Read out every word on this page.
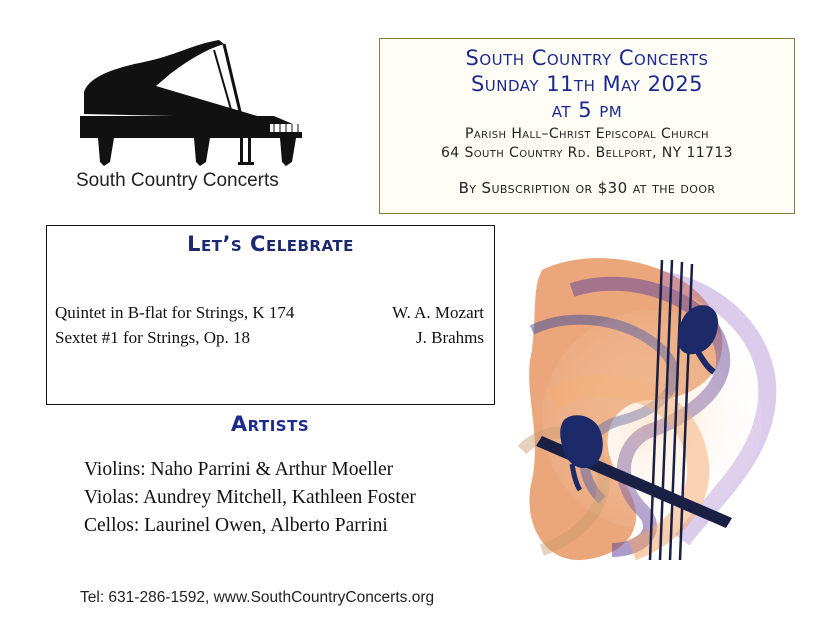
South Country Concerts
South Country Concerts
Sunday 11th May 2025
at 5 pm
Parish Hall–Christ Episcopal Church
64 South Country Rd. Bellport, NY 11713
By Subscription or $30 at the door
Let’s Celebrate
Quintet in B-flat for Strings, K 174	W. A. Mozart
Sextet #1 for Strings, Op. 18	J. Brahms
Artists
Violins: Naho Parrini & Arthur Moeller
Violas: Aundrey Mitchell, Kathleen Foster
Cellos: Laurinel Owen, Alberto Parrini
Tel: 631-286-1592, www.SouthCountryConcerts.org
